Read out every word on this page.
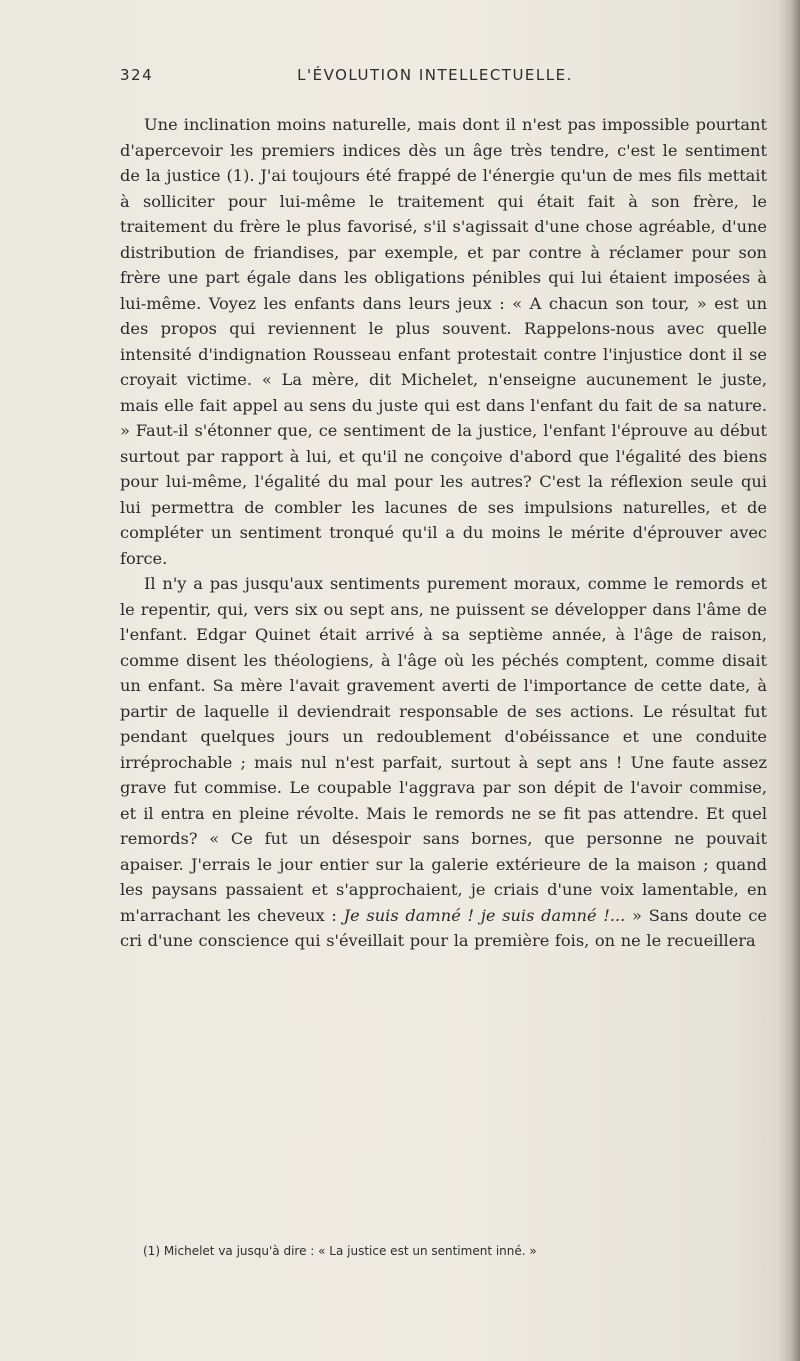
324	L'ÉVOLUTION INTELLECTUELLE.

Une inclination moins naturelle, mais dont il n'est pas impossible pourtant d'apercevoir les premiers indices dès un âge très tendre, c'est le sentiment de la justice (1). J'ai toujours été frappé de l'énergie qu'un de mes fils mettait à solliciter pour lui-même le traitement qui était fait à son frère, le traitement du frère le plus favorisé, s'il s'agissait d'une chose agréable, d'une distribution de friandises, par exemple, et par contre à réclamer pour son frère une part égale dans les obligations pénibles qui lui étaient imposées à lui-même. Voyez les enfants dans leurs jeux : « A chacun son tour, » est un des propos qui reviennent le plus souvent. Rappelons-nous avec quelle intensité d'indignation Rousseau enfant protestait contre l'injustice dont il se croyait victime. « La mère, dit Michelet, n'enseigne aucunement le juste, mais elle fait appel au sens du juste qui est dans l'enfant du fait de sa nature. » Faut-il s'étonner que, ce sentiment de la justice, l'enfant l'éprouve au début surtout par rapport à lui, et qu'il ne conçoive d'abord que l'égalité des biens pour lui-même, l'égalité du mal pour les autres? C'est la réflexion seule qui lui permettra de combler les lacunes de ses impulsions naturelles, et de compléter un sentiment tronqué qu'il a du moins le mérite d'éprouver avec force.

Il n'y a pas jusqu'aux sentiments purement moraux, comme le remords et le repentir, qui, vers six ou sept ans, ne puissent se développer dans l'âme de l'enfant. Edgar Quinet était arrivé à sa septième année, à l'âge de raison, comme disent les théologiens, à l'âge où les péchés comptent, comme disait un enfant. Sa mère l'avait gravement averti de l'importance de cette date, à partir de laquelle il deviendrait responsable de ses actions. Le résultat fut pendant quelques jours un redoublement d'obéissance et une conduite irréprochable ; mais nul n'est parfait, surtout à sept ans ! Une faute assez grave fut commise. Le coupable l'aggrava par son dépit de l'avoir commise, et il entra en pleine révolte. Mais le remords ne se fit pas attendre. Et quel remords? « Ce fut un désespoir sans bornes, que personne ne pouvait apaiser. J'errais le jour entier sur la galerie extérieure de la maison ; quand les paysans passaient et s'approchaient, je criais d'une voix lamentable, en m'arrachant les cheveux : Je suis damné ! je suis damné !... » Sans doute ce cri d'une conscience qui s'éveillait pour la première fois, on ne le recueillera

(1) Michelet va jusqu'à dire : « La justice est un sentiment inné. »
